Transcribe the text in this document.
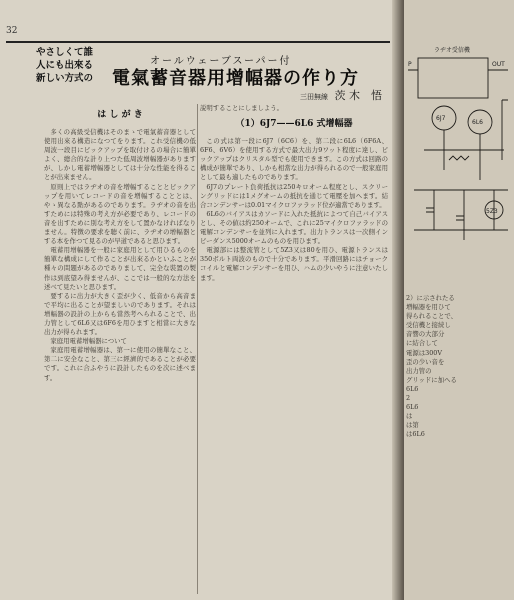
32
やさしくて誰
人にも出來る
新しい方式の
オールウェーブスーパー付
電氣蓄音器用增幅器の作り方
三田無線 茨 木　悟
は し が き

多くの高級受信機はそのまゝで電氣蓄音器として使用出來る構造になつてをります。これ受信機の低周波一段目にピックアップを取付けるの場合に簡單よく、總合的な計り上つた低周波增幅器がありますが、しかし電蓄増幅器としては十分な性能を得ることが出來ません。

原則上ではラヂオの音を増幅することとピックアップを用いてレコードの音を増幅することとは、やゝ異なる點があるのであります。ラヂオの音を出すためには特殊の考え方が必要であり、レコードの音を出すために別な考え方をして置かなければなりません。特徴の要求を聴く前に、ラヂオの增幅器とする本を作つて見るのが早道であると思ひます。

電蓄用增幅器を一般に家庭用として用ひるものを簡單な構成にして作ることが出來るかといふことが種々の問題があるのでありまして、完全な裝置の製作は到底望み得ませんが、ここでは一般的な方法を述べて見たいと思ひます。

要するに出力が大きく歪が少く、低音から高音まで平均に出ることが望ましいのであります。それは增幅器の設計の上からも當然考へられることで、出力管として6L6又は6F6を用ひますと相當に大きな出力が得られます。

家庭用電蓄增幅器について

家庭用電蓄增幅器は、第一に使用の簡單なこと、第二に安全なこと、第三に經濟的であることが必要です。これに合ふやうに設計したものを次に述べます。

説明することにしましよう。

（1）6J7——6L6 式增幅器

この式は第一段に6J7（6C6）を、第二段に6L6（6F6A、6F6、6V6）を使用する方式で最大出力9ワット程度に達し、ピックアップはクリスタル型でも使用できます。この方式は回路の構成が簡單であり、しかも相當な出力が得られるので一般家庭用として最も適したものであります。

6J7のプレート負荷抵抗は250キロオーム程度とし、スクリーングリッドには1メグオームの抵抗を通じて電壓を加へます。結合コンデンサーは0.01マイクロファラッド位が適當であります。

6L6のバイアスはカソードに入れた抵抗によつて自己バイアスとし、その値は約250オームで、これに25マイクロファラッドの電解コンデンサーを並列に入れます。出力トランスは一次側インピーダンス5000オームのものを用ひます。

電源部には整流管として5Z3又は80を用ひ、電源トランスは350ボルト両波のもので十分であります。平滑回路にはチョークコイルと電解コンデンサーを用ひ、ハムの少いやうに注意いたします。

ラヂオ受信機
6J7
6L6
5Z3
P	OUT
2）に示されたる
増幅器を用ひて
得られることで、
受信機と接続し
音響の大部分
に結合して
電源は300V
歪の少い音を
出力管の
グリッドに加へる
6L6
2
6L6
は
は第
は6L6
